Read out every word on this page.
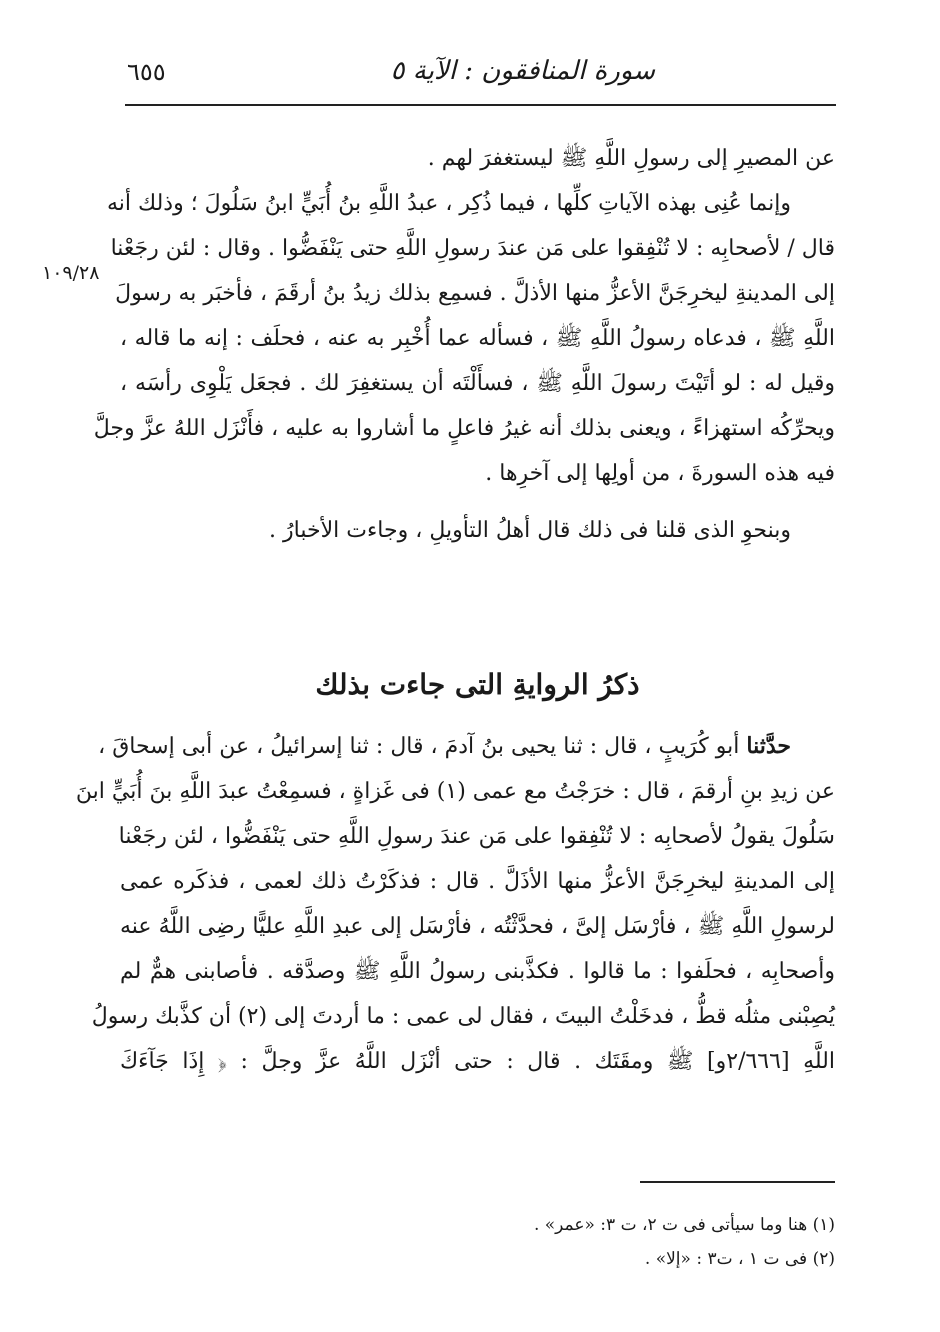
٦٥٥	سورة المنافقون : الآية ٥
١٠٩/٢٨
عن المصيرِ إلى رسولِ اللَّهِ ﷺ ليستغفرَ لهم .
وإنما عُنِى بهذه الآياتِ كلِّها ، فيما ذُكِر ، عبدُ اللَّهِ بنُ أُبَيٍّ ابنُ سَلُولَ ؛ وذلك أنه
قال / لأصحابِه : لا تُنْفِقوا على مَن عندَ رسولِ اللَّهِ حتى يَنْفَضُّوا . وقال : لئن رجَعْنا
إلى المدينةِ ليخرِجَنَّ الأعزُّ منها الأذلَّ . فسمِع بذلك زيدُ بنُ أرقَمَ ، فأخبَر به رسولَ
اللَّهِ ﷺ ، فدعاه رسولُ اللَّهِ ﷺ ، فسأله عما أُخْبِر به عنه ، فحلَف : إنه ما قاله ،
وقيل له : لو أتَيْتَ رسولَ اللَّهِ ﷺ ، فسأَلْتَه أن يستغفِرَ لك . فجعَل يَلْوِى رأسَه ،
ويحرِّكُه استهزاءً ، ويعنى بذلك أنه غيرُ فاعلٍ ما أشاروا به عليه ، فأَنْزَل اللهُ عزَّ وجلَّ
فيه هذه السورةَ ، من أولِها إلى آخرِها .
وبنحوِ الذى قلنا فى ذلك قال أهلُ التأويلِ ، وجاءت الأخبارُ .
ذكرُ الروايةِ التى جاءت بذلك
حدَّثنا أبو كُرَيبٍ ، قال : ثنا يحيى بنُ آدمَ ، قال : ثنا إسرائيلُ ، عن أبى إسحاقَ ،
عن زيدِ بنِ أرقمَ ، قال : خرَجْتُ مع عمى (١) فى غَزاةٍ ، فسمِعْتُ عبدَ اللَّهِ بنَ أُبَيٍّ ابنَ
سَلُولَ يقولُ لأصحابِه : لا تُنْفِقوا على مَن عندَ رسولِ اللَّهِ حتى يَنْفَضُّوا ، لئن رجَعْنا
إلى المدينةِ ليخرِجَنَّ الأعزُّ منها الأذَلَّ . قال : فذكَرْتُ ذلك لعمى ، فذكَره عمى
لرسولِ اللَّهِ ﷺ ، فأرْسَل إلىَّ ، فحدَّثْتُه ، فأرْسَل إلى عبدِ اللَّهِ عليًّا رضِى اللَّهُ عنه
وأصحابِه ، فحلَفوا : ما قالوا . فكذَّبنى رسولُ اللَّهِ ﷺ وصدَّقه . فأصابنى همٌّ لم
يُصِبْنى مثلُه قطُّ ، فدخَلْتُ البيتَ ، فقال لى عمى : ما أردتَ إلى (٢) أن كذَّبك رسولُ
اللَّهِ [٢/٦٦٦و] ﷺ ومقَتَك . قال : حتى أنْزَل اللَّهُ عزَّ وجلَّ : ﴿ إِذَا جَآءَكَ
(١) هنا وما سيأتى فى ت ٢، ت ٣: «عمر» .
(٢) فى ت ١ ، ت٣ : «إلا» .
